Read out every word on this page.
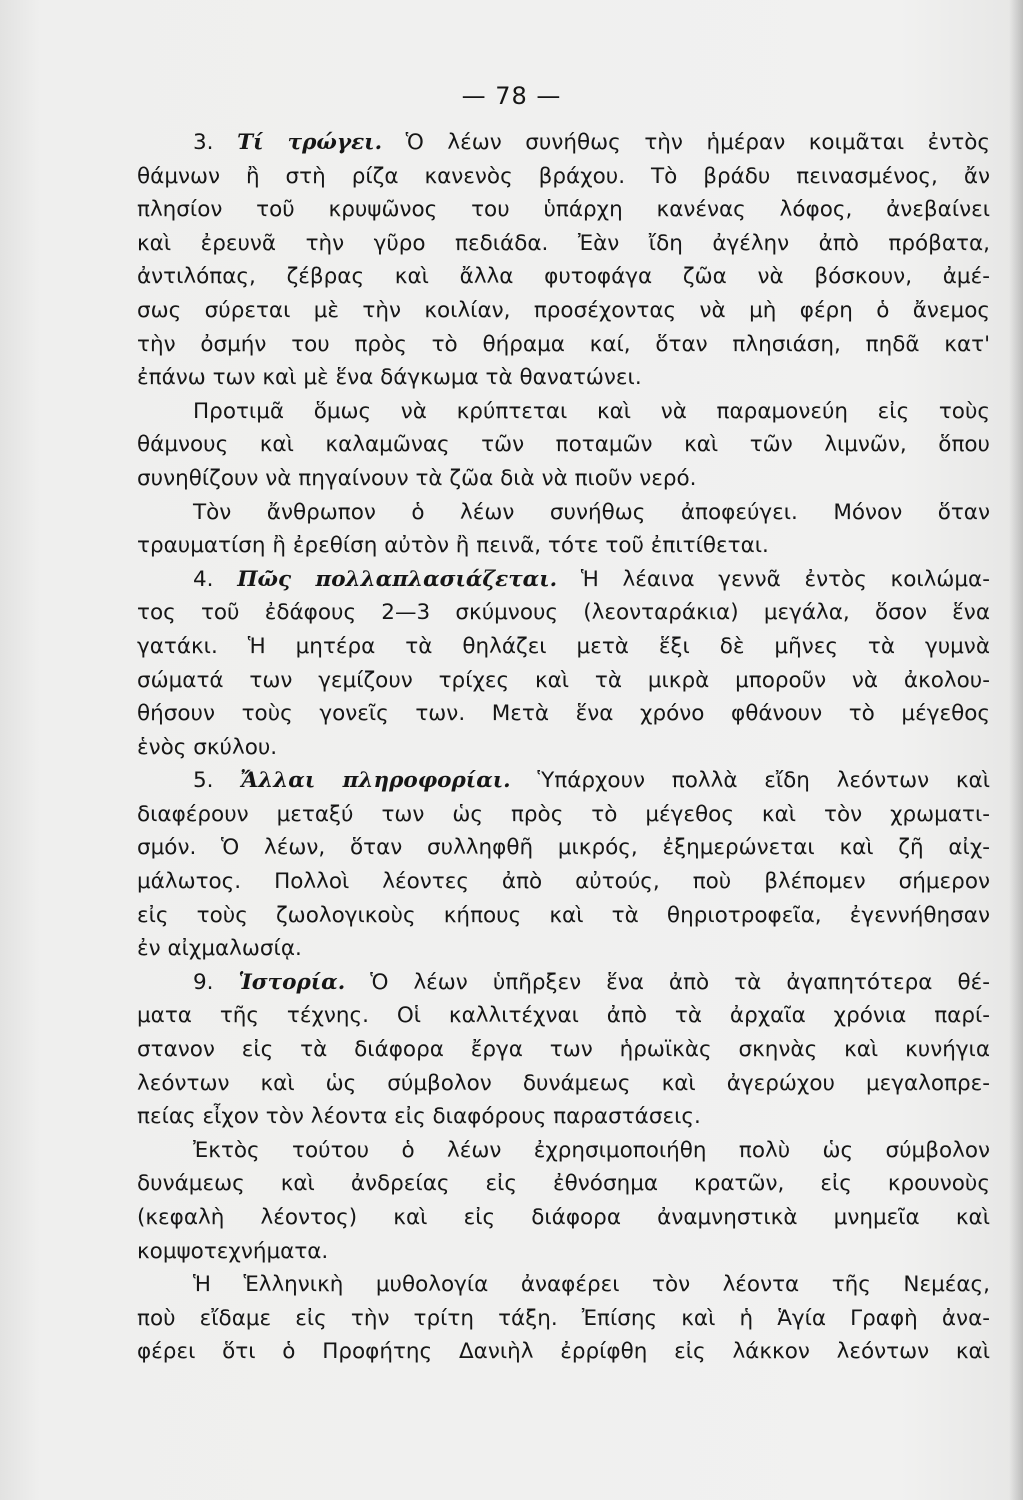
— 78 —
3. Τί τρώγει. Ὁ λέων συνήθως τὴν ἡμέραν κοιμᾶται ἐντὸς
θάμνων ἢ στὴ ρίζα κανενὸς βράχου. Τὸ βράδυ πεινασμένος, ἄν
πλησίον τοῦ κρυψῶνος του ὑπάρχη κανένας λόφος, ἀνεβαίνει
καὶ ἐρευνᾶ τὴν γῦρο πεδιάδα. Ἐὰν ἴδη ἀγέλην ἀπὸ πρόβατα,
ἀντιλόπας, ζέβρας καὶ ἄλλα φυτοφάγα ζῶα νὰ βόσκουν, ἀμέ-
σως σύρεται μὲ τὴν κοιλίαν, προσέχοντας νὰ μὴ φέρη ὁ ἄνεμος
τὴν ὀσμήν του πρὸς τὸ θήραμα καί, ὅταν πλησιάση, πηδᾶ κατ'
ἐπάνω των καὶ μὲ ἕνα δάγκωμα τὰ θανατώνει.
Προτιμᾶ ὅμως νὰ κρύπτεται καὶ νὰ παραμονεύη εἰς τοὺς
θάμνους καὶ καλαμῶνας τῶν ποταμῶν καὶ τῶν λιμνῶν, ὅπου
συνηθίζουν νὰ πηγαίνουν τὰ ζῶα διὰ νὰ πιοῦν νερό.
Τὸν ἄνθρωπον ὁ λέων συνήθως ἀποφεύγει. Μόνον ὅταν
τραυματίση ἢ ἐρεθίση αὐτὸν ἢ πεινᾶ, τότε τοῦ ἐπιτίθεται.
4. Πῶς πολλαπλασιάζεται. Ἡ λέαινα γεννᾶ ἐντὸς κοιλώμα-
τος τοῦ ἐδάφους 2—3 σκύμνους (λεονταράκια) μεγάλα, ὅσον ἕνα
γατάκι. Ἡ μητέρα τὰ θηλάζει μετὰ ἕξι δὲ μῆνες τὰ γυμνὰ
σώματά των γεμίζουν τρίχες καὶ τὰ μικρὰ μποροῦν νὰ ἀκολου-
θήσουν τοὺς γονεῖς των. Μετὰ ἕνα χρόνο φθάνουν τὸ μέγεθος
ἑνὸς σκύλου.
5. Ἄλλαι πληροφορίαι. Ὑπάρχουν πολλὰ εἴδη λεόντων καὶ
διαφέρουν μεταξύ των ὡς πρὸς τὸ μέγεθος καὶ τὸν χρωματι-
σμόν. Ὁ λέων, ὅταν συλληφθῆ μικρός, ἐξημερώνεται καὶ ζῆ αἰχ-
μάλωτος. Πολλοὶ λέοντες ἀπὸ αὐτούς, ποὺ βλέπομεν σήμερον
εἰς τοὺς ζωολογικοὺς κήπους καὶ τὰ θηριοτροφεῖα, ἐγεννήθησαν
ἐν αἰχμαλωσίᾳ.
9. Ἱστορία. Ὁ λέων ὑπῆρξεν ἕνα ἀπὸ τὰ ἀγαπητότερα θέ-
ματα τῆς τέχνης. Οἱ καλλιτέχναι ἀπὸ τὰ ἀρχαῖα χρόνια παρί-
στανον εἰς τὰ διάφορα ἔργα των ἡρωϊκὰς σκηνὰς καὶ κυνήγια
λεόντων καὶ ὡς σύμβολον δυνάμεως καὶ ἀγερώχου μεγαλοπρε-
πείας εἶχον τὸν λέοντα εἰς διαφόρους παραστάσεις.
Ἐκτὸς τούτου ὁ λέων ἐχρησιμοποιήθη πολὺ ὡς σύμβολον
δυνάμεως καὶ ἀνδρείας εἰς ἐθνόσημα κρατῶν, εἰς κρουνοὺς
(κεφαλὴ λέοντος) καὶ εἰς διάφορα ἀναμνηστικὰ μνημεῖα καὶ
κομψοτεχνήματα.
Ἡ Ἑλληνικὴ μυθολογία ἀναφέρει τὸν λέοντα τῆς Νεμέας,
ποὺ εἴδαμε εἰς τὴν τρίτη τάξη. Ἐπίσης καὶ ἡ Ἁγία Γραφὴ ἀνα-
φέρει ὅτι ὁ Προφήτης Δανιὴλ ἐρρίφθη εἰς λάκκον λεόντων καὶ
